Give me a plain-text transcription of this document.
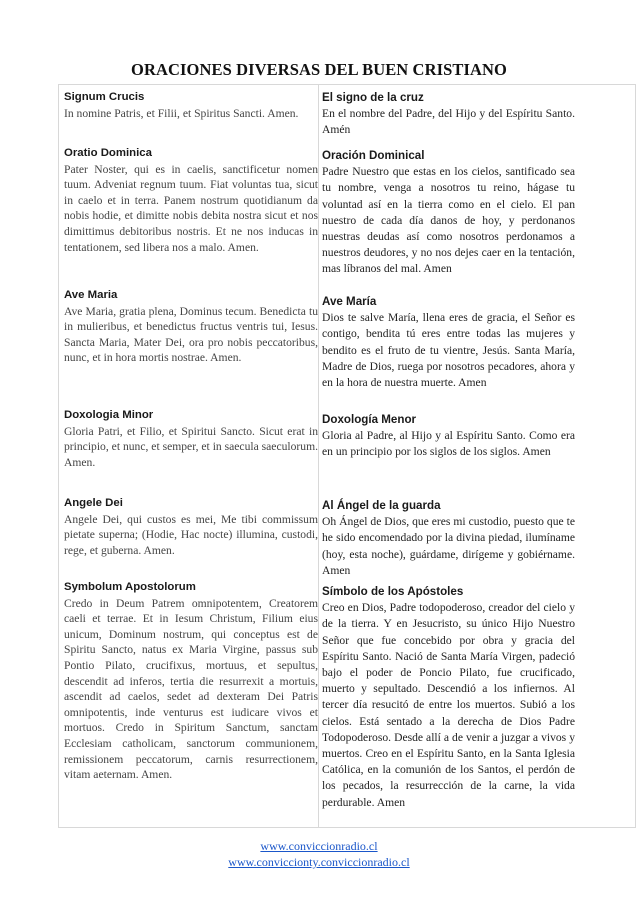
ORACIONES DIVERSAS DEL BUEN CRISTIANO
Signum Crucis
In nomine Patris, et Filii, et Spiritus Sancti. Amen.
Oratio Dominica
Pater Noster, qui es in caelis, sanctificetur nomen tuum. Adveniat regnum tuum. Fiat voluntas tua, sicut in caelo et in terra. Panem nostrum quotidianum da nobis hodie, et dimitte nobis debita nostra sicut et nos dimittimus debitoribus nostris. Et ne nos inducas in tentationem, sed libera nos a malo. Amen.
Ave Maria
Ave Maria, gratia plena, Dominus tecum. Benedicta tu in mulieribus, et benedictus fructus ventris tui, Iesus. Sancta Maria, Mater Dei, ora pro nobis peccatoribus, nunc, et in hora mortis nostrae. Amen.
Doxologia Minor
Gloria Patri, et Filio, et Spiritui Sancto. Sicut erat in principio, et nunc, et semper, et in saecula saeculorum. Amen.
Angele Dei
Angele Dei, qui custos es mei, Me tibi commissum pietate superna; (Hodie, Hac nocte) illumina, custodi, rege, et guberna. Amen.
Symbolum Apostolorum
Credo in Deum Patrem omnipotentem, Creatorem caeli et terrae. Et in Iesum Christum, Filium eius unicum, Dominum nostrum, qui conceptus est de Spiritu Sancto, natus ex Maria Virgine, passus sub Pontio Pilato, crucifixus, mortuus, et sepultus, descendit ad inferos, tertia die resurrexit a mortuis, ascendit ad caelos, sedet ad dexteram Dei Patris omnipotentis, inde venturus est iudicare vivos et mortuos. Credo in Spiritum Sanctum, sanctam Ecclesiam catholicam, sanctorum communionem, remissionem peccatorum, carnis resurrectionem, vitam aeternam. Amen.
El signo de la cruz
En el nombre del Padre, del Hijo y del Espíritu Santo. Amén
Oración Dominical
Padre Nuestro que estas en los cielos, santificado sea tu nombre, venga a nosotros tu reino, hágase tu voluntad así en la tierra como en el cielo. El pan nuestro de cada día danos de hoy, y perdonanos nuestras deudas así como nosotros perdonamos a nuestros deudores, y no nos dejes caer en la tentación, mas líbranos del mal. Amen
Ave María
Dios te salve María, llena eres de gracia, el Señor es contigo, bendita tú eres entre todas las mujeres y bendito es el fruto de tu vientre, Jesús. Santa María, Madre de Dios, ruega por nosotros pecadores, ahora y en la hora de nuestra muerte. Amen
Doxología Menor
Gloria al Padre, al Hijo y al Espíritu Santo. Como era en un principio por los siglos de los siglos. Amen
Al Ángel de la guarda
Oh Ángel de Dios, que eres mi custodio, puesto que te he sido encomendado por la divina piedad, ilumíname (hoy, esta noche), guárdame, dirígeme y gobiérname. Amen
Símbolo de los Apóstoles
Creo en Dios, Padre todopoderoso, creador del cielo y de la tierra. Y en Jesucristo, su único Hijo Nuestro Señor que fue concebido por obra y gracia del Espíritu Santo. Nació de Santa María Virgen, padeció bajo el poder de Poncio Pilato, fue crucificado, muerto y sepultado. Descendió a los infiernos. Al tercer día resucitó de entre los muertos. Subió a los cielos. Está sentado a la derecha de Dios Padre Todopoderoso. Desde allí a de venir a juzgar a vivos y muertos. Creo en el Espíritu Santo, en la Santa Iglesia Católica, en la comunión de los Santos, el perdón de los pecados, la resurrección de la carne, la vida perdurable. Amen
www.conviccionradio.cl
www.conviccionty.conviccionradio.cl
